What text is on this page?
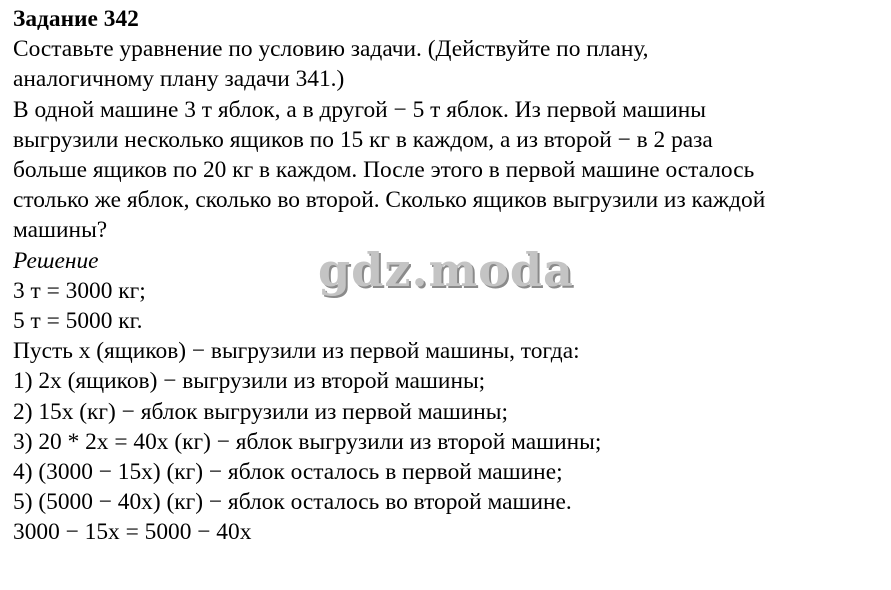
Задание 342

Составьте уравнение по условию задачи. (Действуйте по плану,

аналогичному плану задачи 341.)

В одной машине 3 т яблок, а в другой − 5 т яблок. Из первой машины

выгрузили несколько ящиков по 15 кг в каждом, а из второй − в 2 раза

больше ящиков по 20 кг в каждом. После этого в первой машине осталось

столько же яблок, сколько во второй. Сколько ящиков выгрузили из каждой

машины?

Решение

3 т = 3000 кг;

5 т = 5000 кг.

Пусть x (ящиков) − выгрузили из первой машины, тогда:

1) 2x (ящиков) − выгрузили из второй машины;

2) 15x (кг) − яблок выгрузили из первой машины;

3) 20 * 2x = 40x (кг) − яблок выгрузили из второй машины;

4) (3000 − 15x) (кг) − яблок осталось в первой машине;

5) (5000 − 40x) (кг) − яблок осталось во второй машине.

3000 − 15x = 5000 − 40x

gdz.moda
